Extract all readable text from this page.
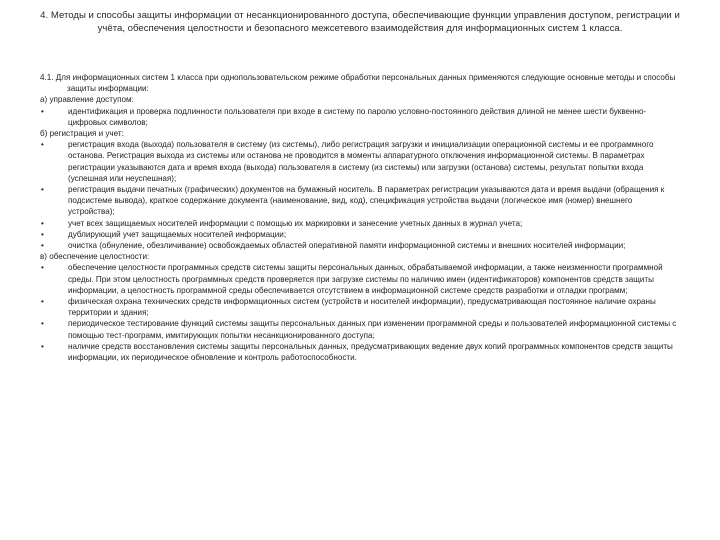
4. Методы и способы защиты информации от несанкционированного доступа, обеспечивающие функции управления доступом, регистрации и учёта, обеспечения целостности и безопасного межсетевого взаимодействия для информационных систем 1 класса.

4.1. Для информационных систем 1 класса при однопользовательском режиме обработки персональных данных применяются следующие основные методы и способы защиты информации:

а) управление доступом:

•	идентификация и проверка подлинности пользователя при входе в систему по паролю условно-постоянного действия длиной не менее шести буквенно-цифровых символов;

б) регистрация и учет:

•	регистрация входа (выхода) пользователя в систему (из системы), либо регистрация загрузки и инициализации операционной системы и ее программного останова. Регистрация выхода из системы или останова не проводится в моменты аппаратурного отключения информационной системы. В параметрах регистрации указываются дата и время входа (выхода) пользователя в систему (из системы) или загрузки (останова) системы, результат попытки входа (успешная или неуспешная);
•	регистрация выдачи печатных (графических) документов на бумажный носитель. В параметрах регистрации указываются дата и время выдачи (обращения к подсистеме вывода), краткое содержание документа (наименование, вид, код), спецификация устройства выдачи (логическое имя (номер) внешнего устройства);
•	учет всех защищаемых носителей информации с помощью их маркировки и занесение учетных данных в журнал учета;
•	дублирующий учет защищаемых носителей информации;
•	очистка (обнуление, обезличивание) освобождаемых областей оперативной памяти информационной системы и внешних носителей информации;

в) обеспечение целостности:

•	обеспечение целостности программных средств системы защиты персональных данных, обрабатываемой информации, а также неизменности программной среды. При этом целостность программных средств проверяется при загрузке системы по наличию имен (идентификаторов) компонентов средств защиты информации, а целостность программной среды обеспечивается отсутствием в информационной системе средств разработки и отладки программ;
•	физическая охрана технических средств информационных систем (устройств и носителей информации), предусматривающая постоянное наличие охраны территории и здания;
•	периодическое тестирование функций системы защиты персональных данных при изменении программной среды и пользователей информационной системы с помощью тест-программ, имитирующих попытки несанкционированного доступа;
•	наличие средств восстановления системы защиты персональных данных, предусматривающих ведение двух копий программных компонентов средств защиты информации, их периодическое обновление и контроль работоспособности.
